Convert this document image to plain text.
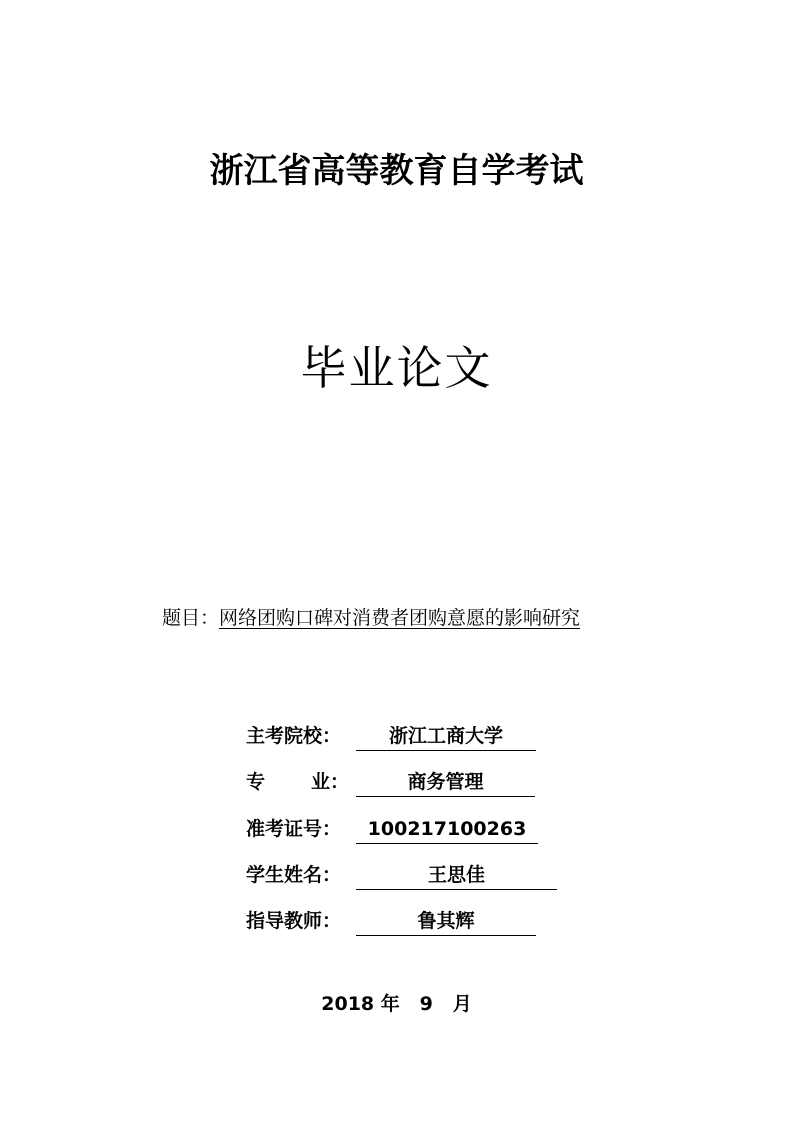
浙江省高等教育自学考试
毕业论文
题目：网络团购口碑对消费者团购意愿的影响研究
主考院校：	浙江工商大学
专 业：	商务管理
准考证号：	100217100263
学生姓名：	王思佳
指导教师：	鲁其辉
2018 年 9 月
